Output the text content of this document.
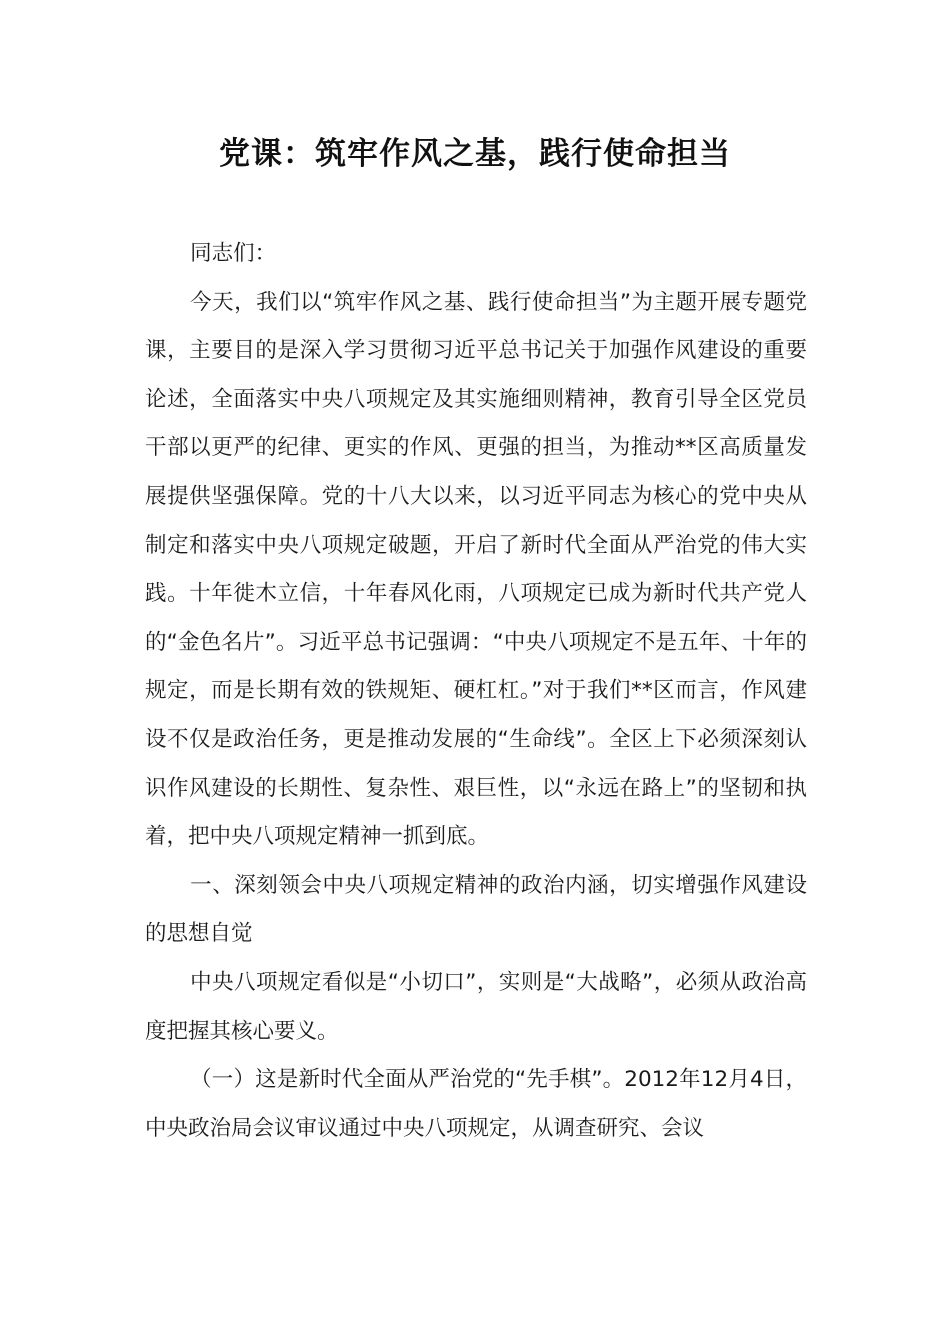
党课：筑牢作风之基，践行使命担当

同志们：

今天，我们以“筑牢作风之基、践行使命担当”为主题开展专题党课，主要目的是深入学习贯彻习近平总书记关于加强作风建设的重要论述，全面落实中央八项规定及其实施细则精神，教育引导全区党员干部以更严的纪律、更实的作风、更强的担当，为推动**区高质量发展提供坚强保障。党的十八大以来，以习近平同志为核心的党中央从制定和落实中央八项规定破题，开启了新时代全面从严治党的伟大实践。十年徙木立信，十年春风化雨，八项规定已成为新时代共产党人的“金色名片”。习近平总书记强调：“中央八项规定不是五年、十年的规定，而是长期有效的铁规矩、硬杠杠。”对于我们**区而言，作风建设不仅是政治任务，更是推动发展的“生命线”。全区上下必须深刻认识作风建设的长期性、复杂性、艰巨性，以“永远在路上”的坚韧和执着，把中央八项规定精神一抓到底。

一、深刻领会中央八项规定精神的政治内涵，切实增强作风建设的思想自觉

中央八项规定看似是“小切口”，实则是“大战略”，必须从政治高度把握其核心要义。

（一）这是新时代全面从严治党的“先手棋”。2012年12月4日，中央政治局会议审议通过中央八项规定，从调查研究、会议
